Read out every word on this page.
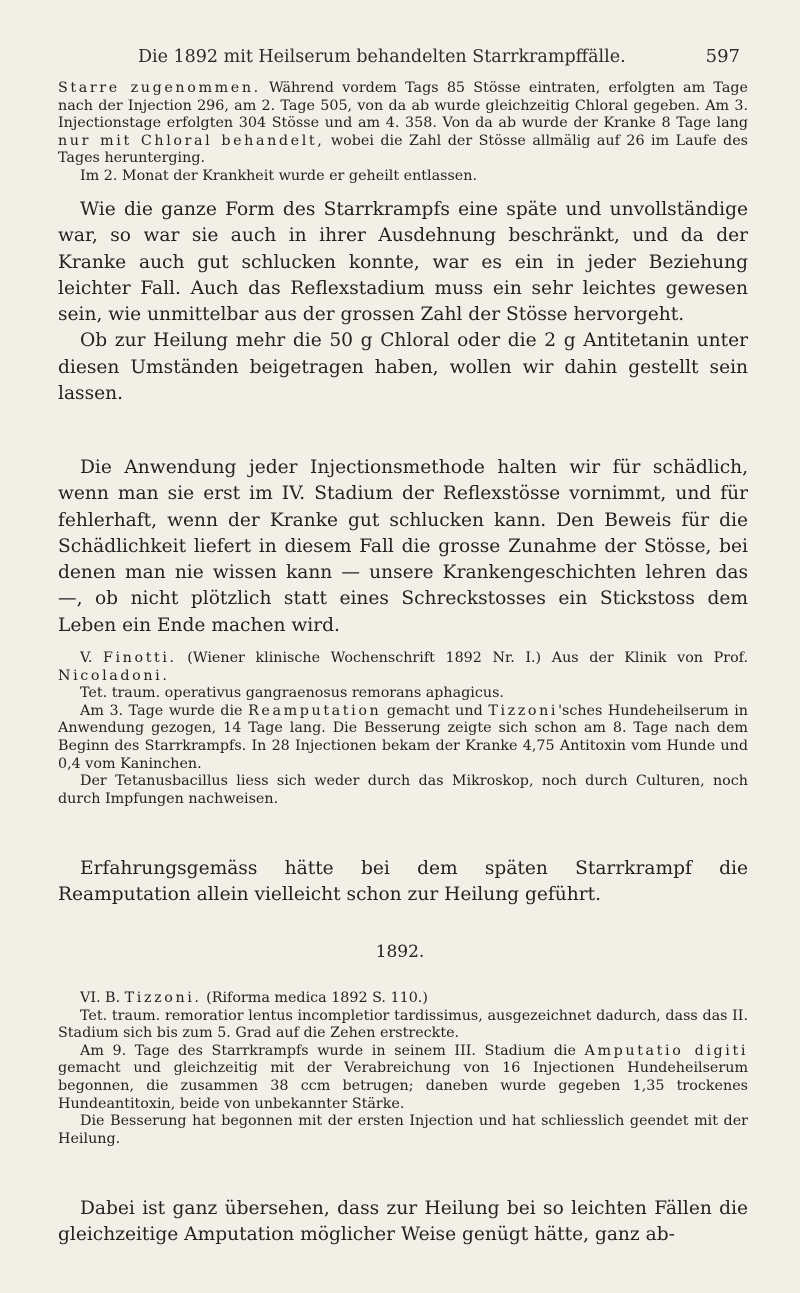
Die 1892 mit Heilserum behandelten Starrkrampffälle.	597

Starre zugenommen. Während vordem Tags 85 Stösse eintraten, erfolgten am Tage nach der Injection 296, am 2. Tage 505, von da ab wurde gleichzeitig Chloral gegeben. Am 3. Injectionstage erfolgten 304 Stösse und am 4. 358. Von da ab wurde der Kranke 8 Tage lang nur mit Chloral behandelt, wobei die Zahl der Stösse allmälig auf 26 im Laufe des Tages herunterging.

Im 2. Monat der Krankheit wurde er geheilt entlassen.

Wie die ganze Form des Starrkrampfs eine späte und unvollständige war, so war sie auch in ihrer Ausdehnung beschränkt, und da der Kranke auch gut schlucken konnte, war es ein in jeder Beziehung leichter Fall. Auch das Reflexstadium muss ein sehr leichtes gewesen sein, wie unmittelbar aus der grossen Zahl der Stösse hervorgeht.

Ob zur Heilung mehr die 50 g Chloral oder die 2 g Antitetanin unter diesen Umständen beigetragen haben, wollen wir dahin gestellt sein lassen.

Die Anwendung jeder Injectionsmethode halten wir für schädlich, wenn man sie erst im IV. Stadium der Reflexstösse vornimmt, und für fehlerhaft, wenn der Kranke gut schlucken kann. Den Beweis für die Schädlichkeit liefert in diesem Fall die grosse Zunahme der Stösse, bei denen man nie wissen kann — unsere Krankengeschichten lehren das —, ob nicht plötzlich statt eines Schreckstosses ein Stickstoss dem Leben ein Ende machen wird.

V. Finotti. (Wiener klinische Wochenschrift 1892 Nr. I.) Aus der Klinik von Prof. Nicoladoni.

Tet. traum. operativus gangraenosus remorans aphagicus.

Am 3. Tage wurde die Reamputation gemacht und Tizzoni'sches Hundeheilserum in Anwendung gezogen, 14 Tage lang. Die Besserung zeigte sich schon am 8. Tage nach dem Beginn des Starrkrampfs. In 28 Injectionen bekam der Kranke 4,75 Antitoxin vom Hunde und 0,4 vom Kaninchen.

Der Tetanusbacillus liess sich weder durch das Mikroskop, noch durch Culturen, noch durch Impfungen nachweisen.

Erfahrungsgemäss hätte bei dem späten Starrkrampf die Reamputation allein vielleicht schon zur Heilung geführt.

1892.

VI. B. Tizzoni. (Riforma medica 1892 S. 110.)

Tet. traum. remoratior lentus incompletior tardissimus, ausgezeichnet dadurch, dass das II. Stadium sich bis zum 5. Grad auf die Zehen erstreckte.

Am 9. Tage des Starrkrampfs wurde in seinem III. Stadium die Amputatio digiti gemacht und gleichzeitig mit der Verabreichung von 16 Injectionen Hundeheilserum begonnen, die zusammen 38 ccm betrugen; daneben wurde gegeben 1,35 trockenes Hundeantitoxin, beide von unbekannter Stärke.

Die Besserung hat begonnen mit der ersten Injection und hat schliesslich geendet mit der Heilung.

Dabei ist ganz übersehen, dass zur Heilung bei so leichten Fällen die gleichzeitige Amputation möglicher Weise genügt hätte, ganz ab-
